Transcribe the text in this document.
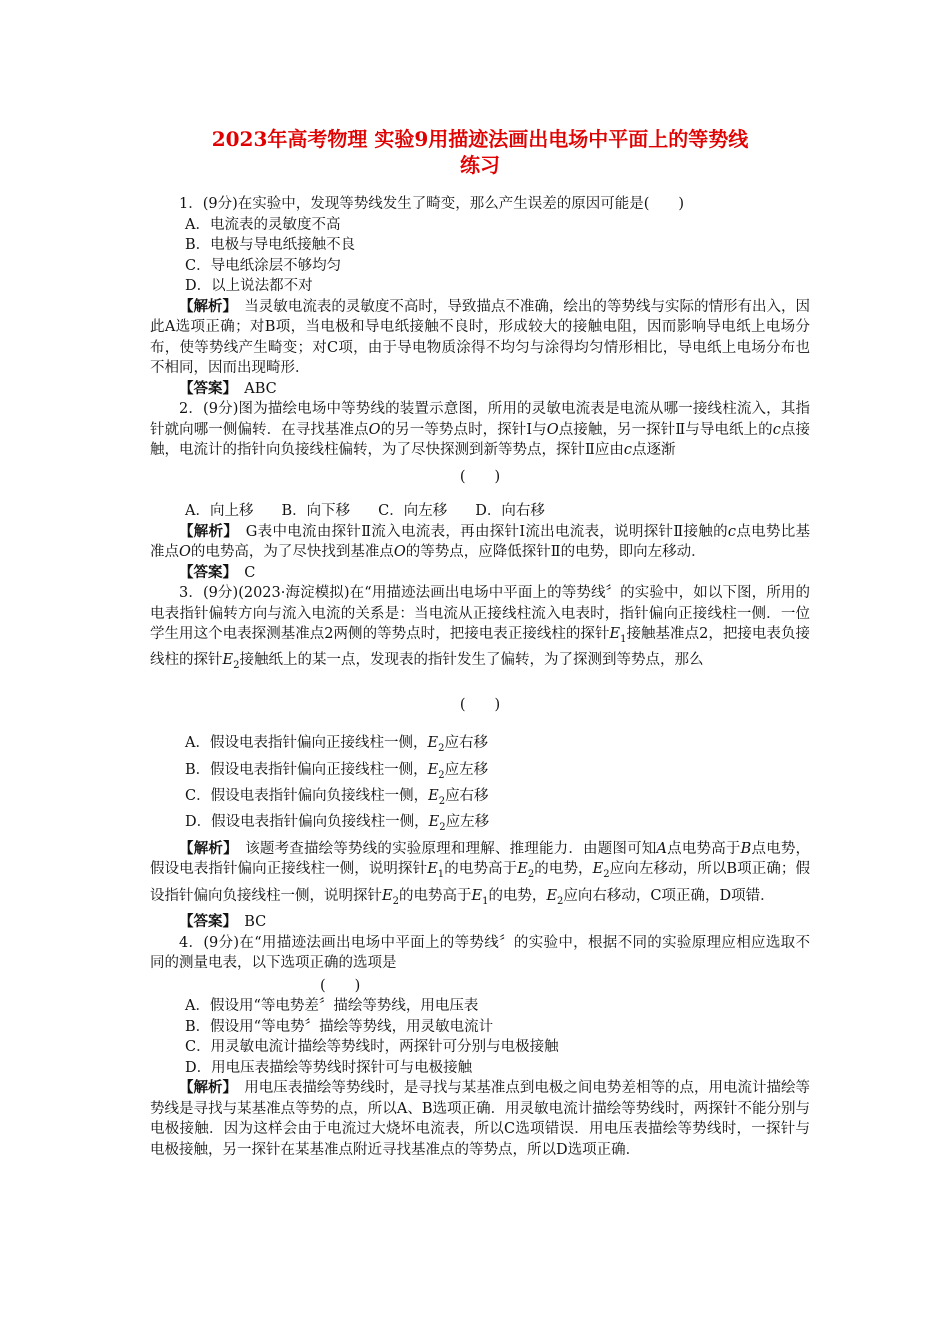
2023年高考物理 实验9用描迹法画出电场中平面上的等势线
练习

1．(9分)在实验中，发现等势线发生了畸变，那么产生误差的原因可能是(　　)

A．电流表的灵敏度不高

B．电极与导电纸接触不良

C．导电纸涂层不够均匀

D．以上说法都不对

【解析】　 当灵敏电流表的灵敏度不高时，导致描点不准确，绘出的等势线与实际的情形有出入，因此A选项正确；对B项，当电极和导电纸接触不良时，形成较大的接触电阻，因而影响导电纸上电场分布，使等势线产生畸变；对C项，由于导电物质涂得不均匀与涂得均匀情形相比，导电纸上电场分布也不相同，因而出现畸形．

【答案】　 ABC

2．(9分)图为描绘电场中等势线的装置示意图，所用的灵敏电流表是电流从哪一接线柱流入，其指针就向哪一侧偏转．在寻找基准点O的另一等势点时，探针Ⅰ与O点接触，另一探针Ⅱ与导电纸上的c点接触，电流计的指针向负接线柱偏转，为了尽快探测到新等势点，探针Ⅱ应由c点逐渐

(　　)

A．向上移 B．向下移 C．向左移 D．向右移

【解析】　 G表中电流由探针Ⅱ流入电流表，再由探针Ⅰ流出电流表，说明探针Ⅱ接触的c点电势比基准点O的电势高，为了尽快找到基准点O的等势点，应降低探针Ⅱ的电势，即向左移动．

【答案】　 C

3．(9分)(2023·海淀模拟)在“用描迹法画出电场中平面上的等势线〞的实验中，如以下图，所用的电表指针偏转方向与流入电流的关系是：当电流从正接线柱流入电表时，指针偏向正接线柱一侧．一位学生用这个电表探测基准点2两侧的等势点时，把接电表正接线柱的探针$E_1$接触基准点2，把接电表负接线柱的探针$E_2$接触纸上的某一点，发现表的指针发生了偏转，为了探测到等势点，那么

(　　)

A．假设电表指针偏向正接线柱一侧，$E_2$应右移

B．假设电表指针偏向正接线柱一侧，$E_2$应左移

C．假设电表指针偏向负接线柱一侧，$E_2$应右移

D．假设电表指针偏向负接线柱一侧，$E_2$应左移

【解析】　 该题考查描绘等势线的实验原理和理解、推理能力．由题图可知A点电势高于B点电势，假设电表指针偏向正接线柱一侧，说明探针$E_1$的电势高于$E_2$的电势，$E_2$应向左移动，所以B项正确；假设指针偏向负接线柱一侧，说明探针$E_2$的电势高于$E_1$的电势，$E_2$应向右移动，C项正确，D项错．

【答案】　 BC

4．(9分)在“用描迹法画出电场中平面上的等势线〞的实验中，根据不同的实验原理应相应选取不同的测量电表，以下选项正确的选项是

(　　)

A．假设用“等电势差〞描绘等势线，用电压表

B．假设用“等电势〞描绘等势线，用灵敏电流计

C．用灵敏电流计描绘等势线时，两探针可分别与电极接触

D．用电压表描绘等势线时探针可与电极接触

【解析】　 用电压表描绘等势线时，是寻找与某基准点到电极之间电势差相等的点，用电流计描绘等势线是寻找与某基准点等势的点，所以A、B选项正确．用灵敏电流计描绘等势线时，两探针不能分别与电极接触．因为这样会由于电流过大烧坏电流表，所以C选项错误．用电压表描绘等势线时，一探针与电极接触，另一探针在某基准点附近寻找基准点的等势点，所以D选项正确．
